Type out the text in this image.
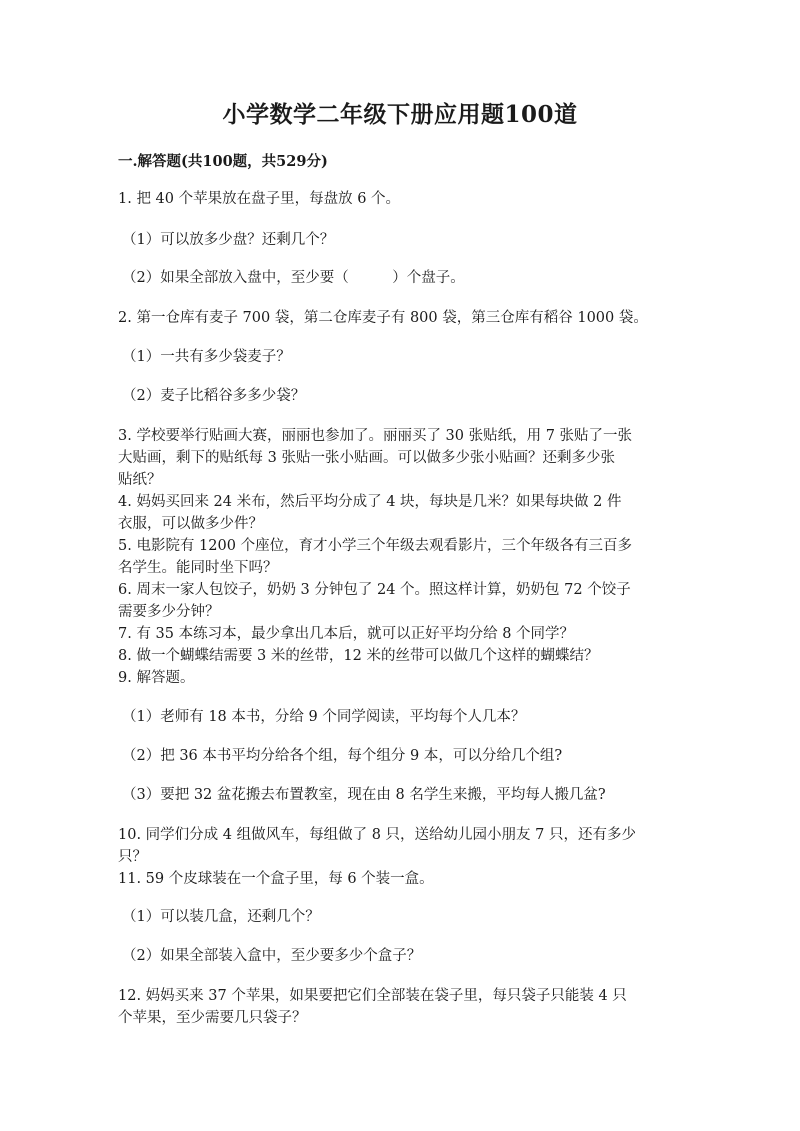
小学数学二年级下册应用题100道
一.解答题(共100题，共529分)
1. 把 40 个苹果放在盘子里，每盘放 6 个。
（1）可以放多少盘？还剩几个？
（2）如果全部放入盘中，至少要（　　　）个盘子。
2. 第一仓库有麦子 700 袋，第二仓库麦子有 800 袋，第三仓库有稻谷 1000 袋。
（1）一共有多少袋麦子？
（2）麦子比稻谷多多少袋？
3. 学校要举行贴画大赛，丽丽也参加了。丽丽买了 30 张贴纸，用 7 张贴了一张
大贴画，剩下的贴纸每 3 张贴一张小贴画。可以做多少张小贴画？还剩多少张
贴纸？
4. 妈妈买回来 24 米布，然后平均分成了 4 块，每块是几米？如果每块做 2 件
衣服，可以做多少件？
5. 电影院有 1200 个座位，育才小学三个年级去观看影片，三个年级各有三百多
名学生。能同时坐下吗？
6. 周末一家人包饺子，奶奶 3 分钟包了 24 个。照这样计算，奶奶包 72 个饺子
需要多少分钟？
7. 有 35 本练习本，最少拿出几本后，就可以正好平均分给 8 个同学？
8. 做一个蝴蝶结需要 3 米的丝带，12 米的丝带可以做几个这样的蝴蝶结？
9. 解答题。
（1）老师有 18 本书，分给 9 个同学阅读，平均每个人几本？
（2）把 36 本书平均分给各个组，每个组分 9 本，可以分给几个组?
（3）要把 32 盆花搬去布置教室，现在由 8 名学生来搬，平均每人搬几盆?
10. 同学们分成 4 组做风车，每组做了 8 只，送给幼儿园小朋友 7 只，还有多少
只？
11. 59 个皮球装在一个盒子里，每 6 个装一盒。
（1）可以装几盒，还剩几个？
（2）如果全部装入盒中，至少要多少个盒子？
12. 妈妈买来 37 个苹果，如果要把它们全部装在袋子里，每只袋子只能装 4 只
个苹果，至少需要几只袋子？
